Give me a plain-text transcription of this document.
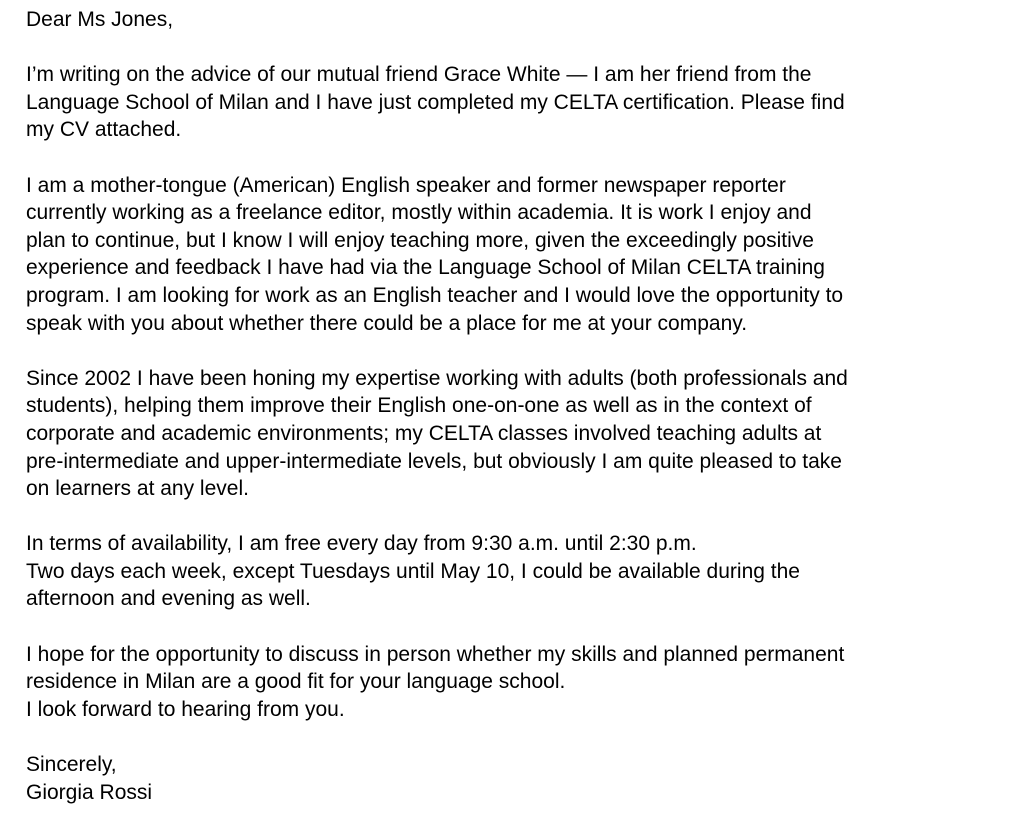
Dear Ms Jones,

I’m writing on the advice of our mutual friend Grace White — I am her friend from the
Language School of Milan and I have just completed my CELTA certification. Please find
my CV attached.

I am a mother-tongue (American) English speaker and former newspaper reporter
currently working as a freelance editor, mostly within academia. It is work I enjoy and
plan to continue, but I know I will enjoy teaching more, given the exceedingly positive
experience and feedback I have had via the Language School of Milan CELTA training
program. I am looking for work as an English teacher and I would love the opportunity to
speak with you about whether there could be a place for me at your company.

Since 2002 I have been honing my expertise working with adults (both professionals and
students), helping them improve their English one-on-one as well as in the context of
corporate and academic environments; my CELTA classes involved teaching adults at
pre-intermediate and upper-intermediate levels, but obviously I am quite pleased to take
on learners at any level.

In terms of availability, I am free every day from 9:30 a.m. until 2:30 p.m.
Two days each week, except Tuesdays until May 10, I could be available during the
afternoon and evening as well.

I hope for the opportunity to discuss in person whether my skills and planned permanent
residence in Milan are a good fit for your language school.
I look forward to hearing from you.

Sincerely,
Giorgia Rossi
